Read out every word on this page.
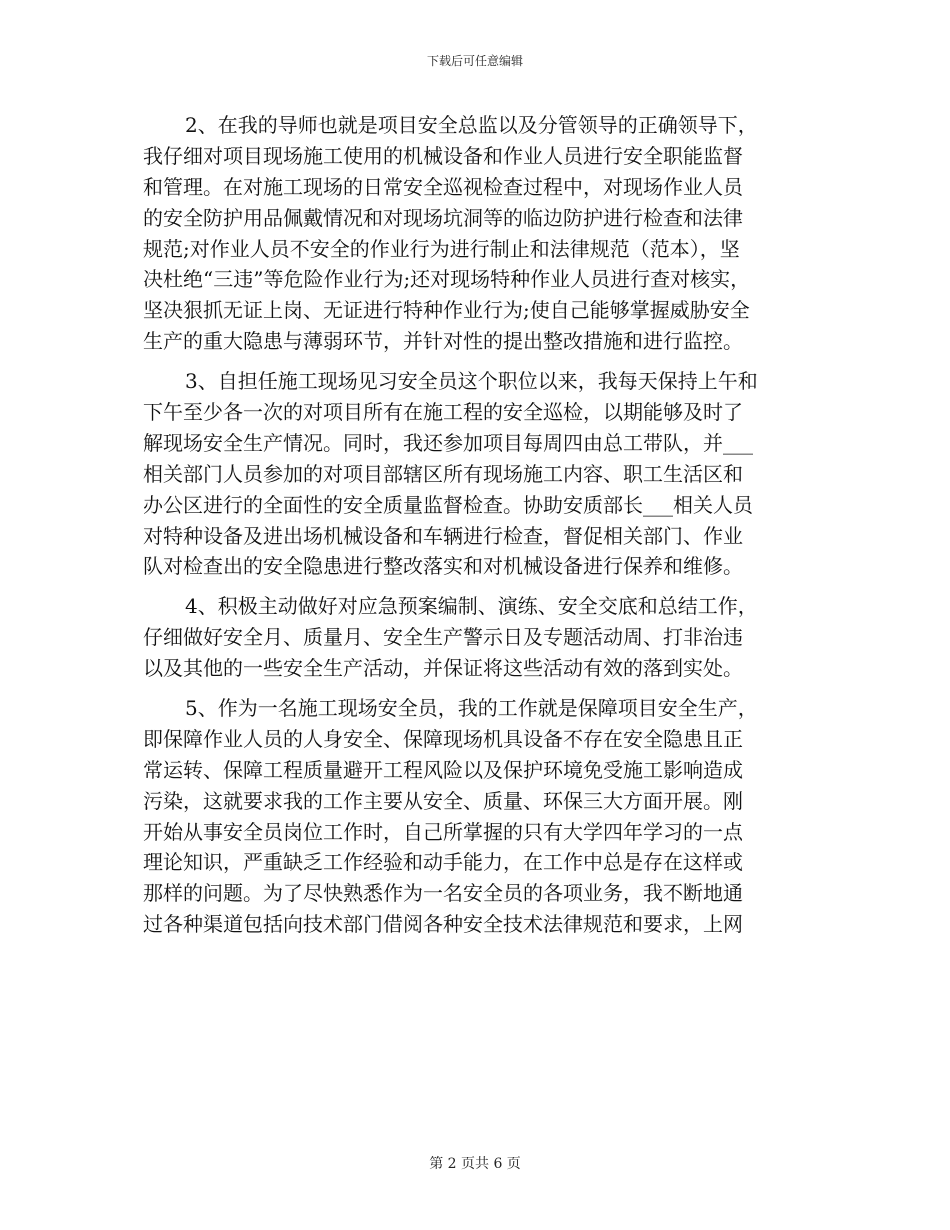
下载后可任意编辑
2、在我的导师也就是项目安全总监以及分管领导的正确领导下，
我仔细对项目现场施工使用的机械设备和作业人员进行安全职能监督
和管理。在对施工现场的日常安全巡视检查过程中，对现场作业人员
的安全防护用品佩戴情况和对现场坑洞等的临边防护进行检查和法律
规范;对作业人员不安全的作业行为进行制止和法律规范（范本），坚
决杜绝“三违”等危险作业行为;还对现场特种作业人员进行查对核实，
坚决狠抓无证上岗、无证进行特种作业行为;使自己能够掌握威胁安全
生产的重大隐患与薄弱环节，并针对性的提出整改措施和进行监控。
3、自担任施工现场见习安全员这个职位以来，我每天保持上午和
下午至少各一次的对项目所有在施工程的安全巡检，以期能够及时了
解现场安全生产情况。同时，我还参加项目每周四由总工带队，并___
相关部门人员参加的对项目部辖区所有现场施工内容、职工生活区和
办公区进行的全面性的安全质量监督检查。协助安质部长___相关人员
对特种设备及进出场机械设备和车辆进行检查，督促相关部门、作业
队对检查出的安全隐患进行整改落实和对机械设备进行保养和维修。
4、积极主动做好对应急预案编制、演练、安全交底和总结工作，
仔细做好安全月、质量月、安全生产警示日及专题活动周、打非治违
以及其他的一些安全生产活动，并保证将这些活动有效的落到实处。
5、作为一名施工现场安全员，我的工作就是保障项目安全生产，
即保障作业人员的人身安全、保障现场机具设备不存在安全隐患且正
常运转、保障工程质量避开工程风险以及保护环境免受施工影响造成
污染，这就要求我的工作主要从安全、质量、环保三大方面开展。刚
开始从事安全员岗位工作时，自己所掌握的只有大学四年学习的一点
理论知识，严重缺乏工作经验和动手能力，在工作中总是存在这样或
那样的问题。为了尽快熟悉作为一名安全员的各项业务，我不断地通
过各种渠道包括向技术部门借阅各种安全技术法律规范和要求，上网
第 2 页共 6 页
